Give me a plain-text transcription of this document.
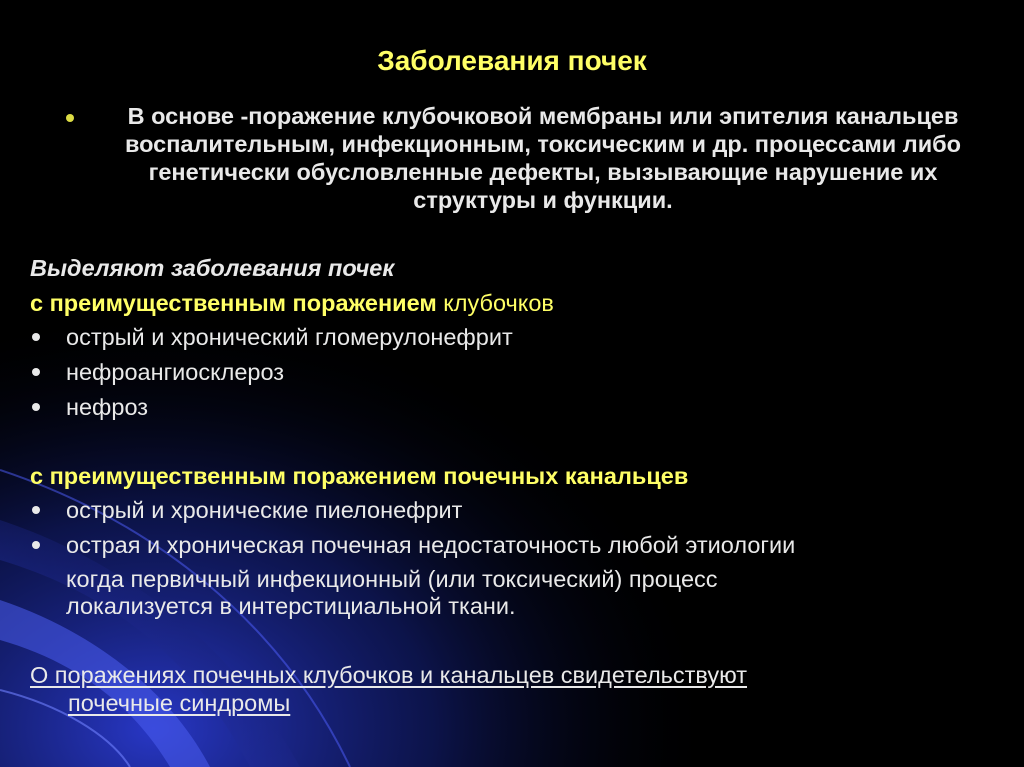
Заболевания почек
В основе -поражение клубочковой мембраны или эпителия канальцев воспалительным, инфекционным, токсическим и др. процессами либо генетически обусловленные дефекты, вызывающие нарушение их структуры и функции.
Выделяют заболевания почек
с преимущественным поражением клубочков
острый и хронический гломерулонефрит
нефроангиосклероз
нефроз
с преимущественным поражением почечных канальцев
острый и хронические пиелонефрит
острая и хроническая почечная недостаточность любой этиологии
когда первичный инфекционный (или токсический) процесс
локализуется в интерстициальной ткани.
О поражениях почечных клубочков и канальцев свидетельствуют
почечные синдромы
